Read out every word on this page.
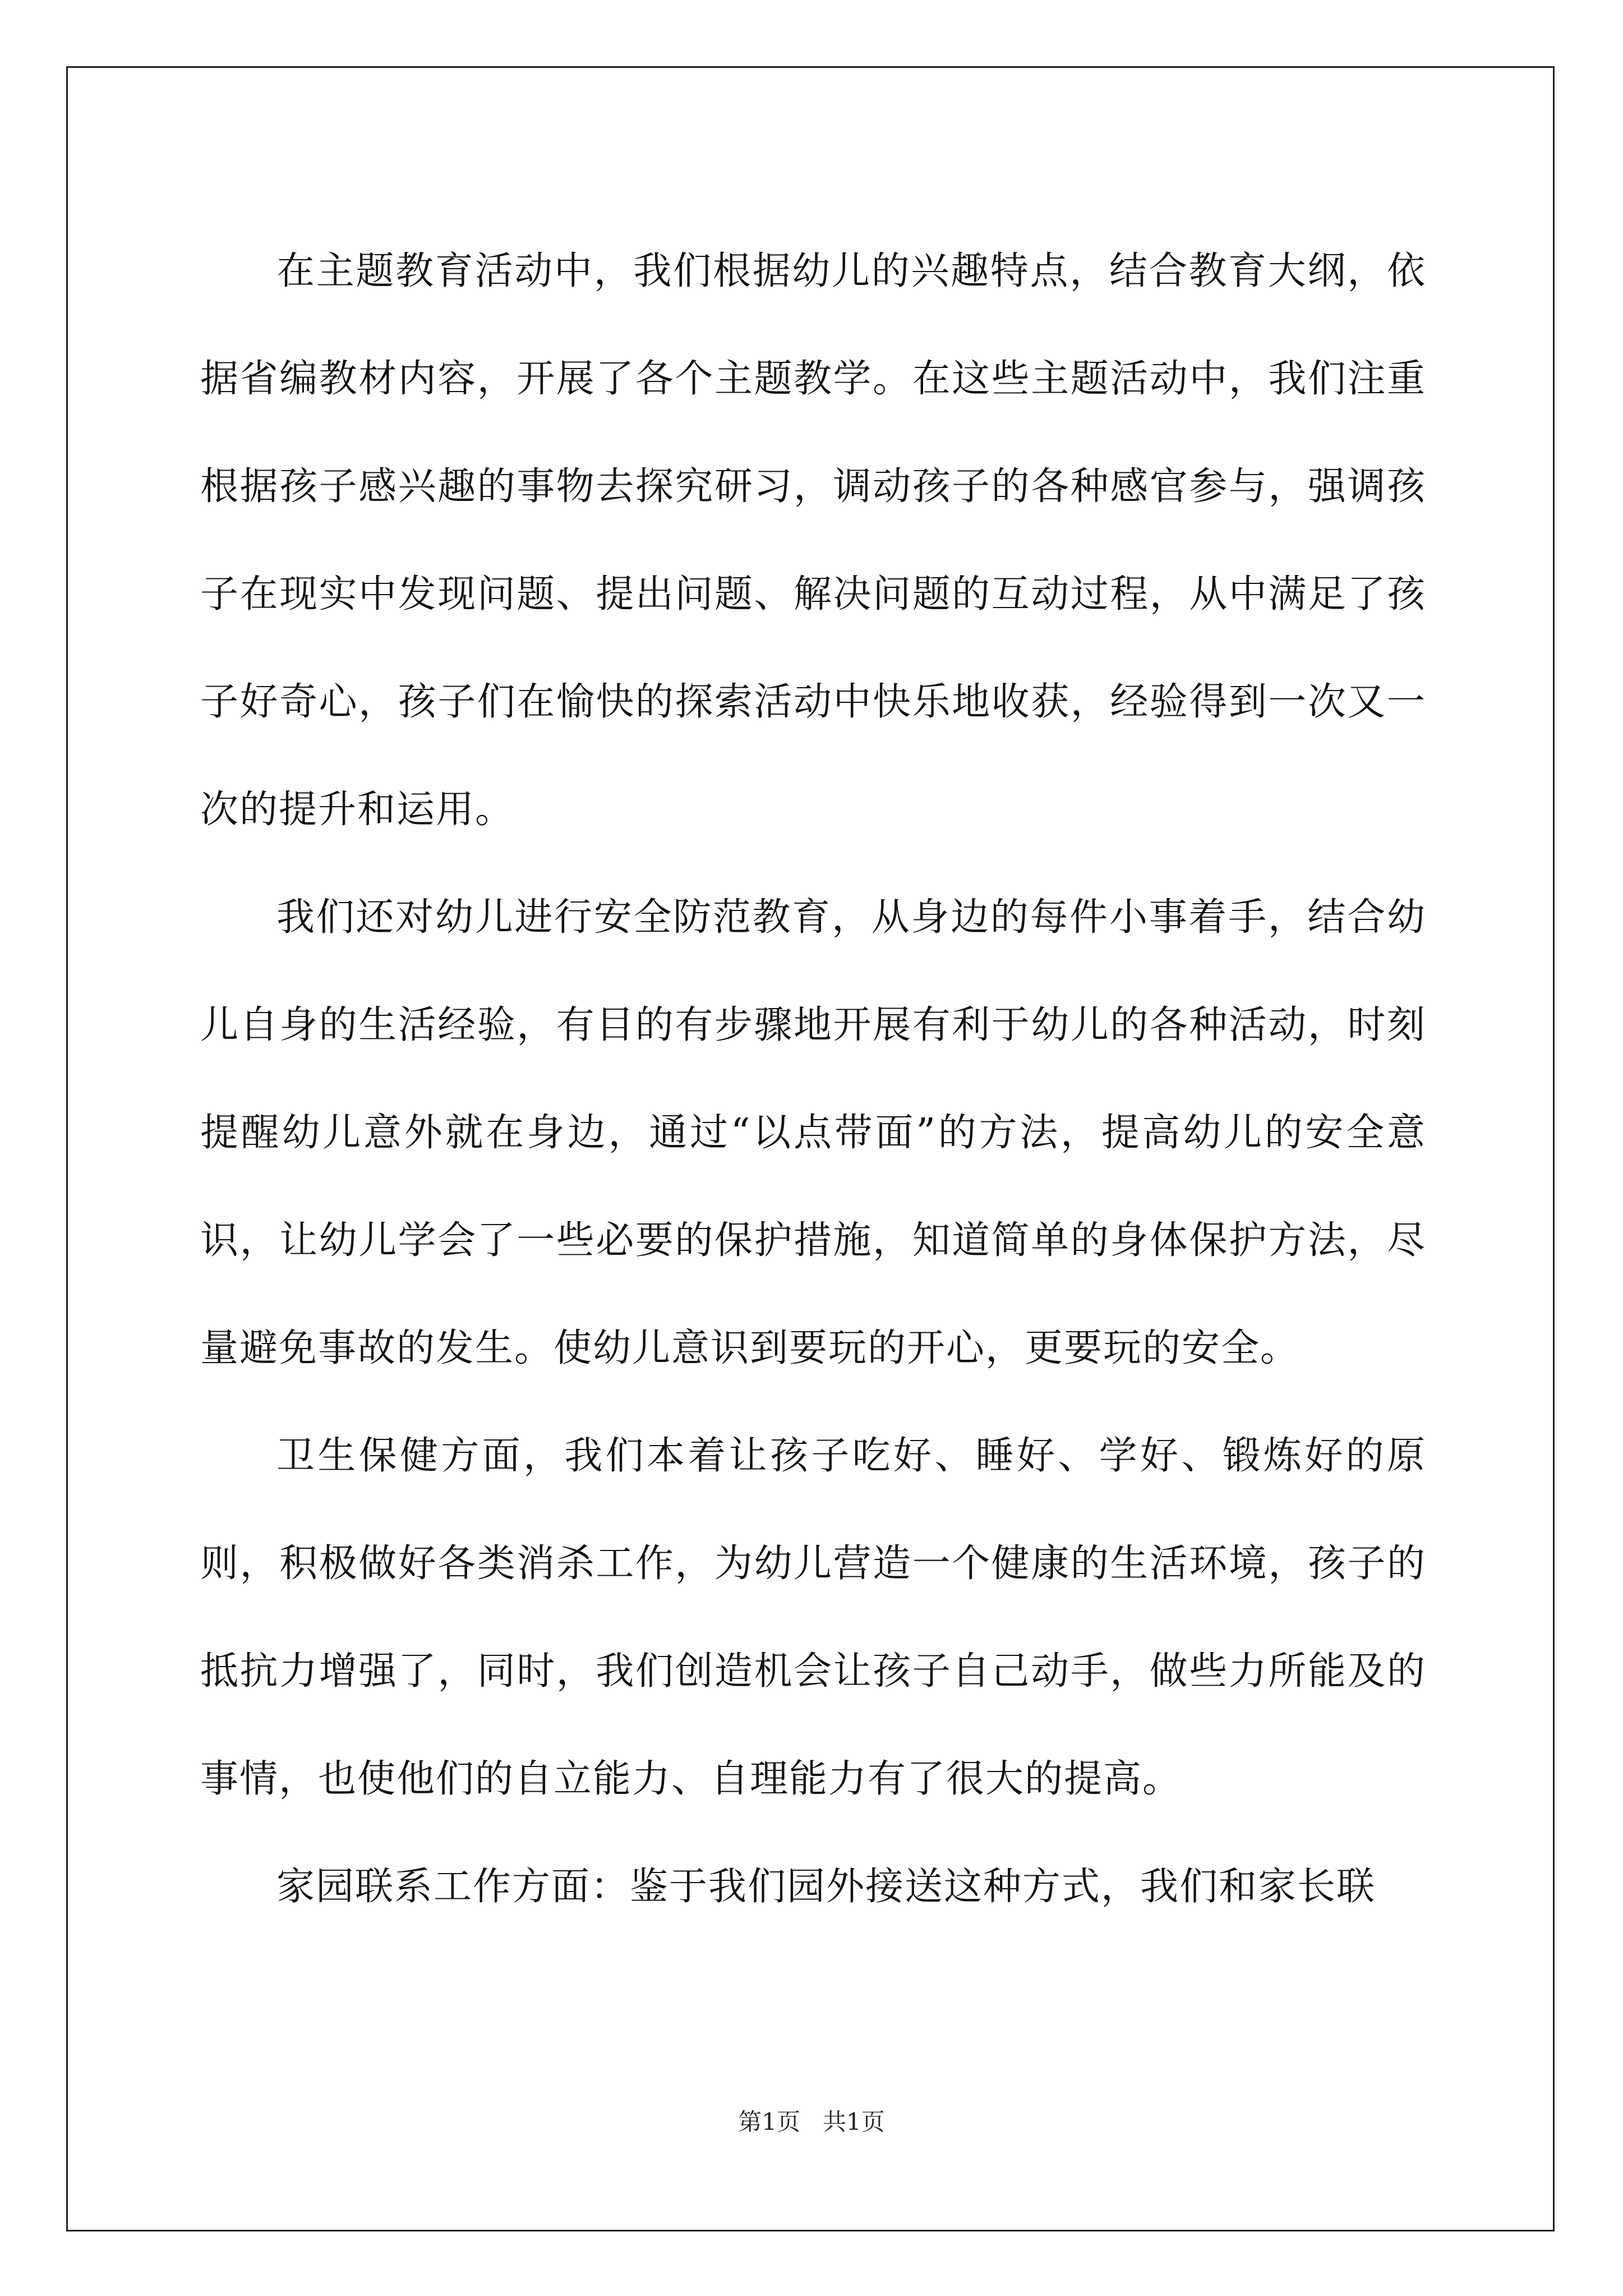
在主题教育活动中，我们根据幼儿的兴趣特点，结合教育大纲，依据省编教材内容，开展了各个主题教学。在这些主题活动中，我们注重根据孩子感兴趣的事物去探究研习，调动孩子的各种感官参与，强调孩子在现实中发现问题、提出问题、解决问题的互动过程，从中满足了孩子好奇心，孩子们在愉快的探索活动中快乐地收获，经验得到一次又一次的提升和运用。

我们还对幼儿进行安全防范教育，从身边的每件小事着手，结合幼儿自身的生活经验，有目的有步骤地开展有利于幼儿的各种活动，时刻提醒幼儿意外就在身边，通过“以点带面”的方法，提高幼儿的安全意识，让幼儿学会了一些必要的保护措施，知道简单的身体保护方法，尽量避免事故的发生。使幼儿意识到要玩的开心，更要玩的安全。

卫生保健方面，我们本着让孩子吃好、睡好、学好、锻炼好的原则，积极做好各类消杀工作，为幼儿营造一个健康的生活环境，孩子的抵抗力增强了，同时，我们创造机会让孩子自己动手，做些力所能及的事情，也使他们的自立能力、自理能力有了很大的提高。

家园联系工作方面：鉴于我们园外接送这种方式，我们和家长联

第1页   共1页
